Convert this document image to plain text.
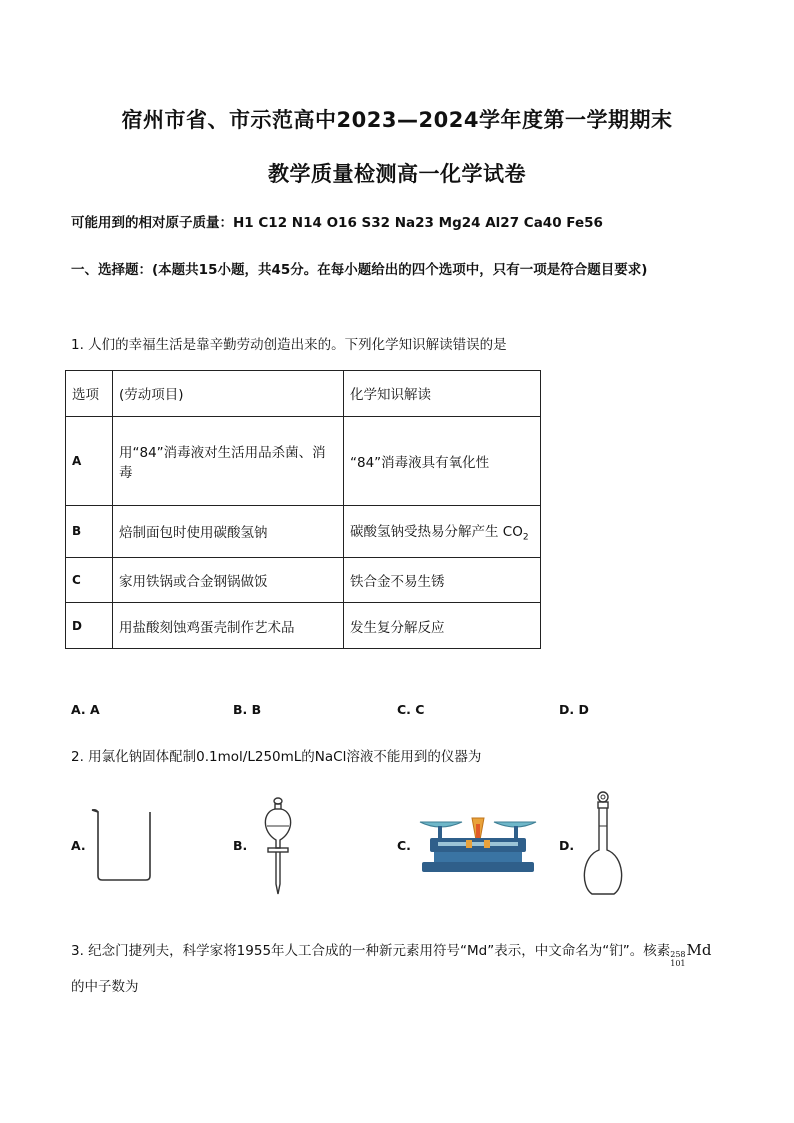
宿州市省、市示范高中2023—2024学年度第一学期期末
教学质量检测高一化学试卷
可能用到的相对原子质量：H1 C12 N14 O16 S32 Na23 Mg24 Al27 Ca40 Fe56
一、选择题：(本题共15小题，共45分。在每小题给出的四个选项中，只有一项是符合题目要求)
1. 人们的幸福生活是靠辛勤劳动创造出来的。下列化学知识解读错误的是
选项	(劳动项目)	化学知识解读
A	用“84”消毒液对生活用品杀菌、消毒	“84”消毒液具有氧化性
B	焙制面包时使用碳酸氢钠	碳酸氢钠受热易分解产生 $CO_2$
C	家用铁锅或合金钢锅做饭	铁合金不易生锈
D	用盐酸刻蚀鸡蛋壳制作艺术品	发生复分解反应
A. A	B. B	C. C	D. D
2. 用氯化钠固体配制0.1mol/L250mL的NaCl溶液不能用到的仪器为
A.	B.	C.	D.
3. 纪念门捷列夫，科学家将1955年人工合成的一种新元素用符号“Md”表示，中文命名为“钔”。核素 258
101
Md
的中子数为
